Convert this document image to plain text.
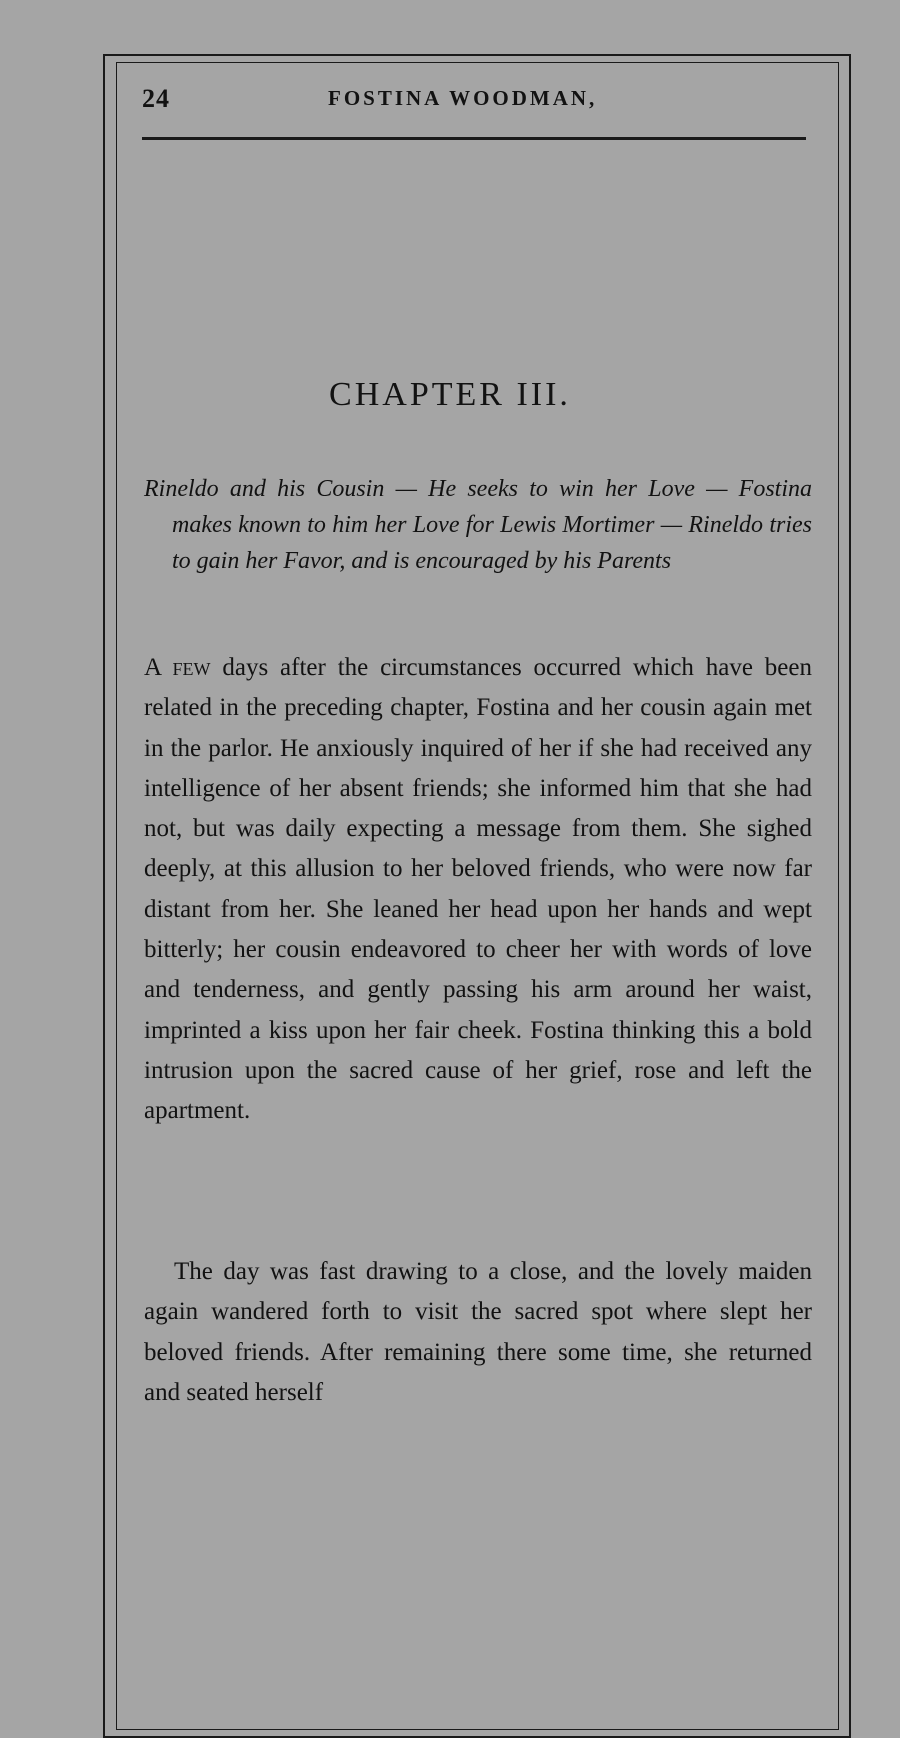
24	FOSTINA WOODMAN,
CHAPTER III.

Rineldo and his Cousin — He seeks to win her Love — Fostina makes known to him her Love for Lewis Mortimer — Rineldo tries to gain her Favor, and is encouraged by his Parents

A few days after the circumstances occurred which have been related in the preceding chapter, Fostina and her cousin again met in the parlor. He anxiously inquired of her if she had received any intelligence of her absent friends; she informed him that she had not, but was daily expecting a message from them. She sighed deeply, at this allusion to her beloved friends, who were now far distant from her. She leaned her head upon her hands and wept bitterly; her cousin endeavored to cheer her with words of love and tenderness, and gently passing his arm around her waist, imprinted a kiss upon her fair cheek. Fostina thinking this a bold intrusion upon the sacred cause of her grief, rose and left the apartment.

The day was fast drawing to a close, and the lovely maiden again wandered forth to visit the sacred spot where slept her beloved friends. After remaining there some time, she returned and seated herself
